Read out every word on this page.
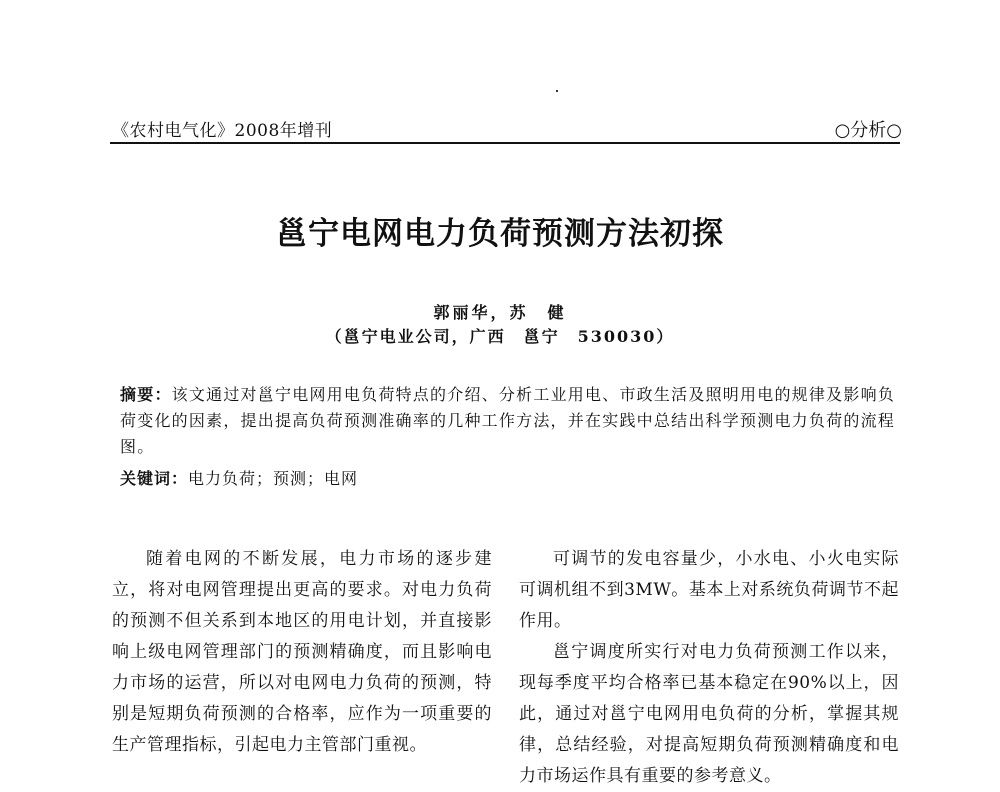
《农村电气化》2008年增刊	○分析○
邕宁电网电力负荷预测方法初探
郭丽华，苏　健
（邕宁电业公司，广西　邕宁　530030）
摘要：该文通过对邕宁电网用电负荷特点的介绍、分析工业用电、市政生活及照明用电的规律及影响负荷变化的因素，提出提高负荷预测准确率的几种工作方法，并在实践中总结出科学预测电力负荷的流程图。
关键词：电力负荷；预测；电网

随着电网的不断发展，电力市场的逐步建立，将对电网管理提出更高的要求。对电力负荷的预测不但关系到本地区的用电计划，并直接影响上级电网管理部门的预测精确度，而且影响电力市场的运营，所以对电网电力负荷的预测，特别是短期负荷预测的合格率，应作为一项重要的生产管理指标，引起电力主管部门重视。

可调节的发电容量少，小水电、小火电实际可调机组不到3MW。基本上对系统负荷调节不起作用。

邕宁调度所实行对电力负荷预测工作以来，现每季度平均合格率已基本稳定在90%以上，因此，通过对邕宁电网用电负荷的分析，掌握其规律，总结经验，对提高短期负荷预测精确度和电力市场运作具有重要的参考意义。
